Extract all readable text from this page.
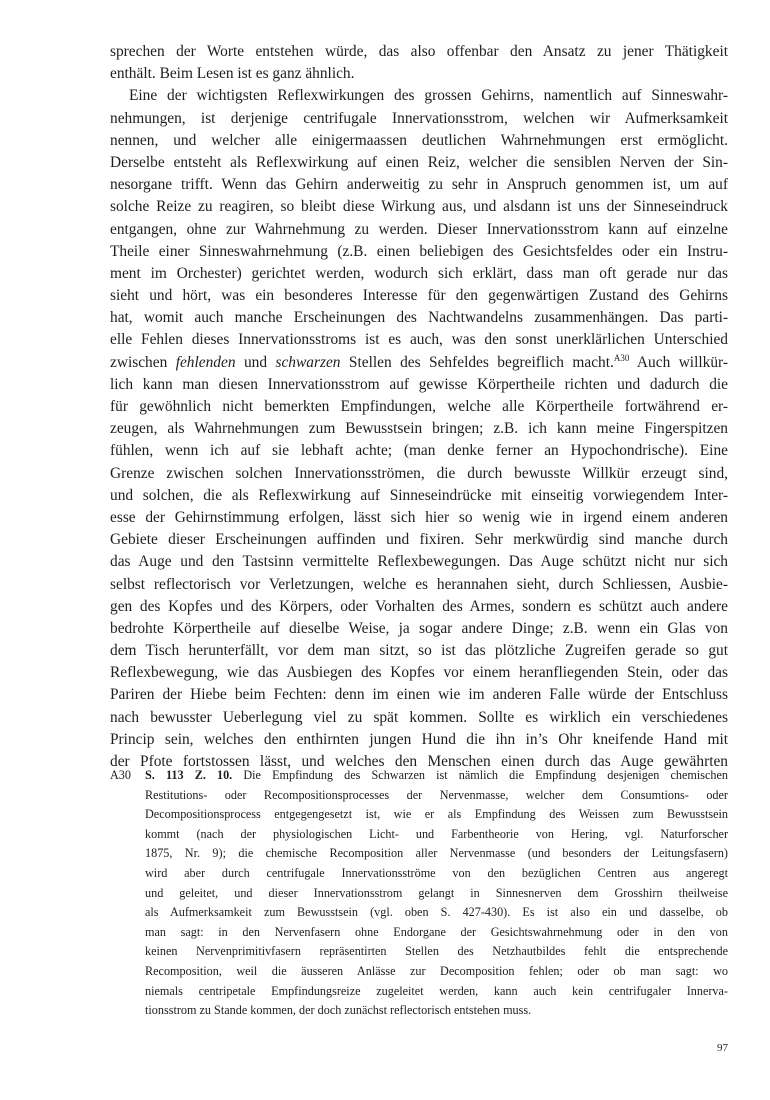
sprechen der Worte entstehen würde, das also offenbar den Ansatz zu jener Thätigkeit
enthält. Beim Lesen ist es ganz ähnlich.
Eine der wichtigsten Reflexwirkungen des grossen Gehirns, namentlich auf Sinneswahr-
nehmungen, ist derjenige centrifugale Innervationsstrom, welchen wir Aufmerksamkeit
nennen, und welcher alle einigermaassen deutlichen Wahrnehmungen erst ermöglicht.
Derselbe entsteht als Reflexwirkung auf einen Reiz, welcher die sensiblen Nerven der Sin-
nesorgane trifft. Wenn das Gehirn anderweitig zu sehr in Anspruch genommen ist, um auf
solche Reize zu reagiren, so bleibt diese Wirkung aus, und alsdann ist uns der Sinneseindruck
entgangen, ohne zur Wahrnehmung zu werden. Dieser Innervationsstrom kann auf einzelne
Theile einer Sinneswahrnehmung (z.B. einen beliebigen des Gesichtsfeldes oder ein Instru-
ment im Orchester) gerichtet werden, wodurch sich erklärt, dass man oft gerade nur das
sieht und hört, was ein besonderes Interesse für den gegenwärtigen Zustand des Gehirns
hat, womit auch manche Erscheinungen des Nachtwandelns zusammenhängen. Das parti-
elle Fehlen dieses Innervationsstroms ist es auch, was den sonst unerklärlichen Unterschied
zwischen fehlenden und schwarzen Stellen des Sehfeldes begreiflich macht.$^{A30}$ Auch willkür-
lich kann man diesen Innervationsstrom auf gewisse Körpertheile richten und dadurch die
für gewöhnlich nicht bemerkten Empfindungen, welche alle Körpertheile fortwährend er-
zeugen, als Wahrnehmungen zum Bewusstsein bringen; z.B. ich kann meine Fingerspitzen
fühlen, wenn ich auf sie lebhaft achte; (man denke ferner an Hypochondrische). Eine
Grenze zwischen solchen Innervationsströmen, die durch bewusste Willkür erzeugt sind,
und solchen, die als Reflexwirkung auf Sinneseindrücke mit einseitig vorwiegendem Inter-
esse der Gehirnstimmung erfolgen, lässt sich hier so wenig wie in irgend einem anderen
Gebiete dieser Erscheinungen auffinden und fixiren. Sehr merkwürdig sind manche durch
das Auge und den Tastsinn vermittelte Reflexbewegungen. Das Auge schützt nicht nur sich
selbst reflectorisch vor Verletzungen, welche es herannahen sieht, durch Schliessen, Ausbie-
gen des Kopfes und des Körpers, oder Vorhalten des Armes, sondern es schützt auch andere
bedrohte Körpertheile auf dieselbe Weise, ja sogar andere Dinge; z.B. wenn ein Glas von
dem Tisch herunterfällt, vor dem man sitzt, so ist das plötzliche Zugreifen gerade so gut
Reflexbewegung, wie das Ausbiegen des Kopfes vor einem heranfliegenden Stein, oder das
Pariren der Hiebe beim Fechten: denn im einen wie im anderen Falle würde der Entschluss
nach bewusster Ueberlegung viel zu spät kommen. Sollte es wirklich ein verschiedenes
Princip sein, welches den enthirnten jungen Hund die ihn in’s Ohr kneifende Hand mit
der Pfote fortstossen lässt, und welches den Menschen einen durch das Auge gewährten
A30 S. 113 Z. 10. Die Empfindung des Schwarzen ist nämlich die Empfindung desjenigen chemischen
Restitutions- oder Recompositionsprocesses der Nervenmasse, welcher dem Consumtions- oder
Decompositionsprocess entgegengesetzt ist, wie er als Empfindung des Weissen zum Bewusstsein
kommt (nach der physiologischen Licht- und Farbentheorie von Hering, vgl. Naturforscher
1875, Nr. 9); die chemische Recomposition aller Nervenmasse (und besonders der Leitungsfasern)
wird aber durch centrifugale Innervationsströme von den bezüglichen Centren aus angeregt
und geleitet, und dieser Innervationsstrom gelangt in Sinnesnerven dem Grosshirn theilweise
als Aufmerksamkeit zum Bewusstsein (vgl. oben S. 427-430). Es ist also ein und dasselbe, ob
man sagt: in den Nervenfasern ohne Endorgane der Gesichtswahrnehmung oder in den von
keinen Nervenprimitivfasern repräsentirten Stellen des Netzhautbildes fehlt die entsprechende
Recomposition, weil die äusseren Anlässe zur Decomposition fehlen; oder ob man sagt: wo
niemals centripetale Empfindungsreize zugeleitet werden, kann auch kein centrifugaler Innerva-
tionsstrom zu Stande kommen, der doch zunächst reflectorisch entstehen muss.
97
